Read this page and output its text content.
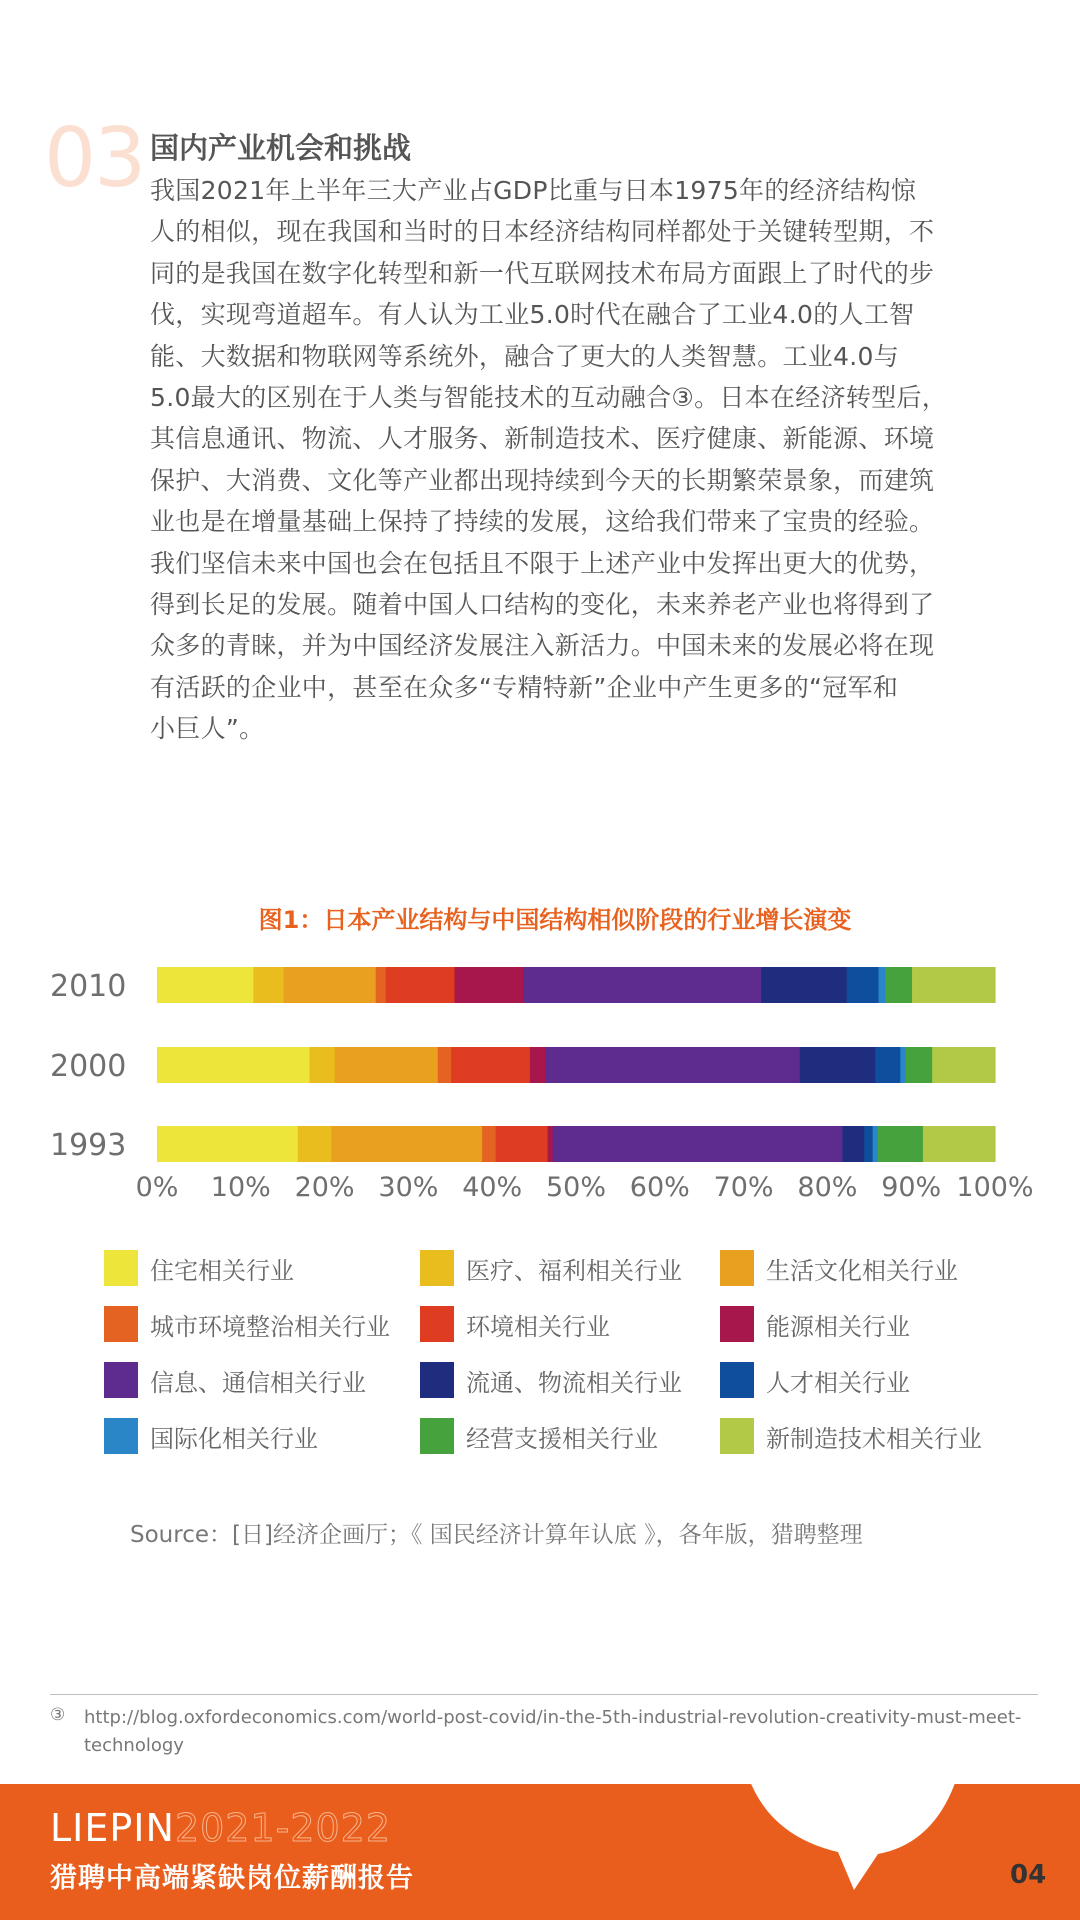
03 国内产业机会和挑战
我国2021年上半年三大产业占GDP比重与日本1975年的经济结构惊
人的相似，现在我国和当时的日本经济结构同样都处于关键转型期，不
同的是我国在数字化转型和新一代互联网技术布局方面跟上了时代的步
伐，实现弯道超车。有人认为工业5.0时代在融合了工业4.0的人工智
能、大数据和物联网等系统外，融合了更大的人类智慧。工业4.0与
5.0最大的区别在于人类与智能技术的互动融合③。日本在经济转型后，
其信息通讯、物流、人才服务、新制造技术、医疗健康、新能源、环境
保护、大消费、文化等产业都出现持续到今天的长期繁荣景象，而建筑
业也是在增量基础上保持了持续的发展，这给我们带来了宝贵的经验。
我们坚信未来中国也会在包括且不限于上述产业中发挥出更大的优势，
得到长足的发展。随着中国人口结构的变化，未来养老产业也将得到了
众多的青睐，并为中国经济发展注入新活力。中国未来的发展必将在现
有活跃的企业中，甚至在众多“专精特新”企业中产生更多的“冠军和
小巨人”。
图1：日本产业结构与中国结构相似阶段的行业增长演变
2010
2000
1993
0% 10% 20% 30% 40% 50% 60% 70% 80% 90% 100%
住宅相关行业	医疗、福利相关行业	生活文化相关行业
城市环境整治相关行业	环境相关行业	能源相关行业
信息、通信相关行业	流通、物流相关行业	人才相关行业
国际化相关行业	经营支援相关行业	新制造技术相关行业
Source：[日]经济企画厅；《 国民经济计算年认底 》，各年版，猎聘整理
③ http://blog.oxfordeconomics.com/world-post-covid/in-the-5th-industrial-revolution-creativity-must-meet-technology
LIEPIN2021-2022
猎聘中高端紧缺岗位薪酬报告	04
